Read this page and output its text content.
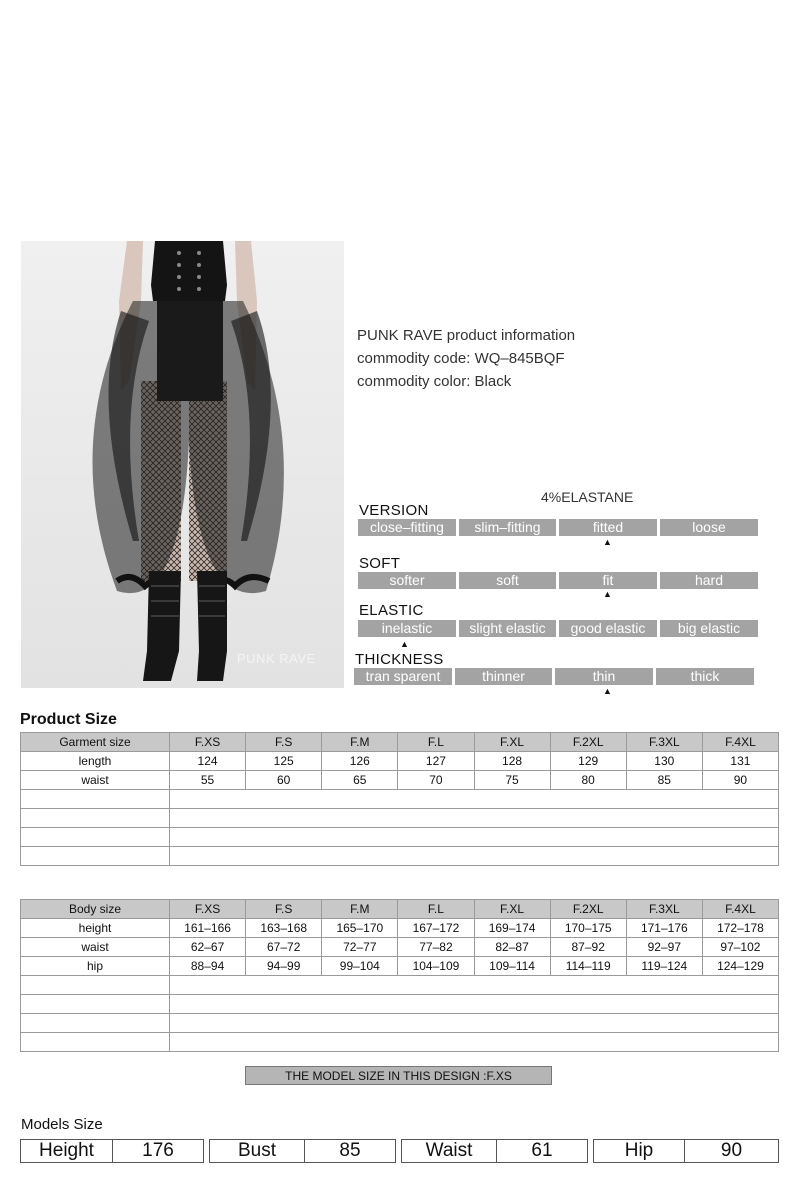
PUNK RAVE
PUNK RAVE product information
commodity code: WQ–845BQF
commodity color: Black
4%ELASTANE
VERSION
close–fitting	slim–fitting	fitted	loose
▲
SOFT
softer	soft	fit	hard
▲
ELASTIC
inelastic	slight elastic	good elastic	big elastic
▲
THICKNESS
tran sparent	thinner	thin	thick
▲
Product Size
Garment size	F.XS	F.S	F.M	F.L	F.XL	F.2XL	F.3XL	F.4XL
length	124	125	126	127	128	129	130	131
waist	55	60	65	70	75	80	85	90

Body size	F.XS	F.S	F.M	F.L	F.XL	F.2XL	F.3XL	F.4XL
height	161–166	163–168	165–170	167–172	169–174	170–175	171–176	172–178
waist	62–67	67–72	72–77	77–82	82–87	87–92	92–97	97–102
hip	88–94	94–99	99–104	104–109	109–114	114–119	119–124	124–129

THE MODEL SIZE IN THIS DESIGN :F.XS
Models Size
Height	176	Bust	85	Waist	61	Hip	90
